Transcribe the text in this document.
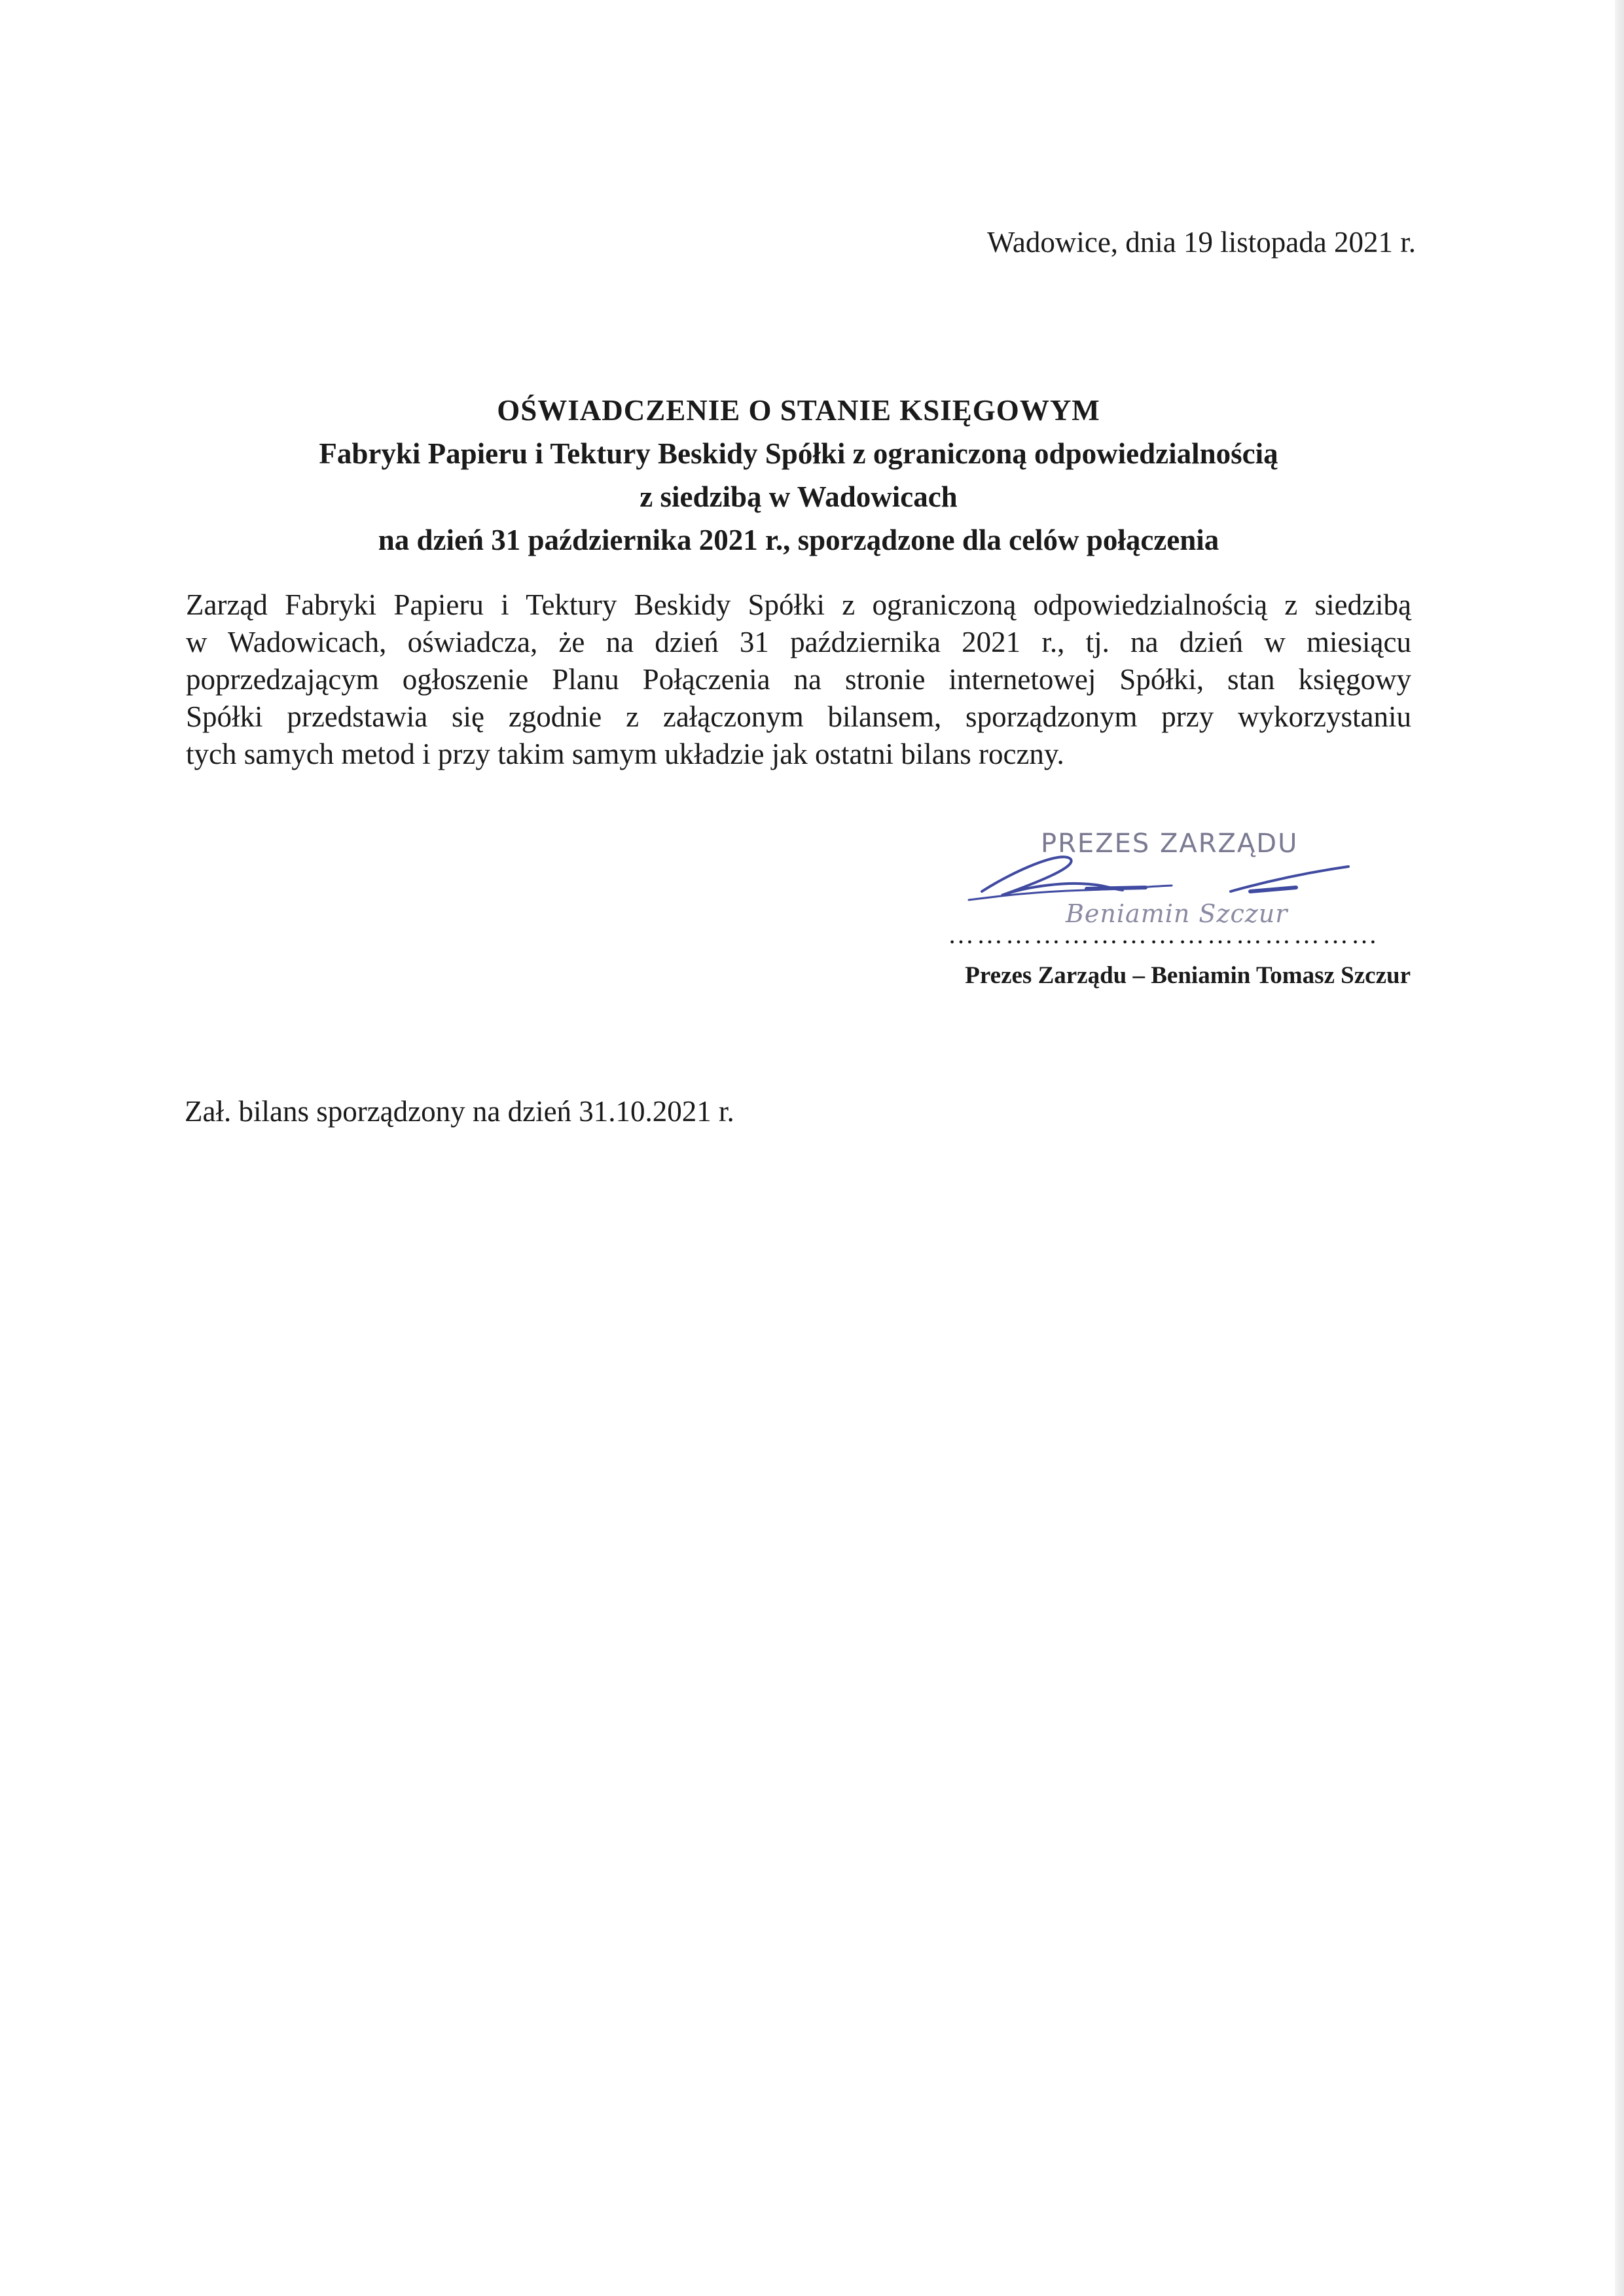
Wadowice, dnia 19 listopada 2021 r.
OŚWIADCZENIE O STANIE KSIĘGOWYM
Fabryki Papieru i Tektury Beskidy Spółki z ograniczoną odpowiedzialnością
z siedzibą w Wadowicach
na dzień 31 października 2021 r., sporządzone dla celów połączenia
Zarząd Fabryki Papieru i Tektury Beskidy Spółki z ograniczoną odpowiedzialnością z siedzibą
w Wadowicach, oświadcza, że na dzień 31 października 2021 r., tj. na dzień w miesiącu
poprzedzającym ogłoszenie Planu Połączenia na stronie internetowej Spółki, stan księgowy
Spółki przedstawia się zgodnie z załączonym bilansem, sporządzonym przy wykorzystaniu
tych samych metod i przy takim samym układzie jak ostatni bilans roczny.
PREZES ZARZĄDU
Beniamin Szczur
………………………………………
Prezes Zarządu – Beniamin Tomasz Szczur
Zał. bilans sporządzony na dzień 31.10.2021 r.
